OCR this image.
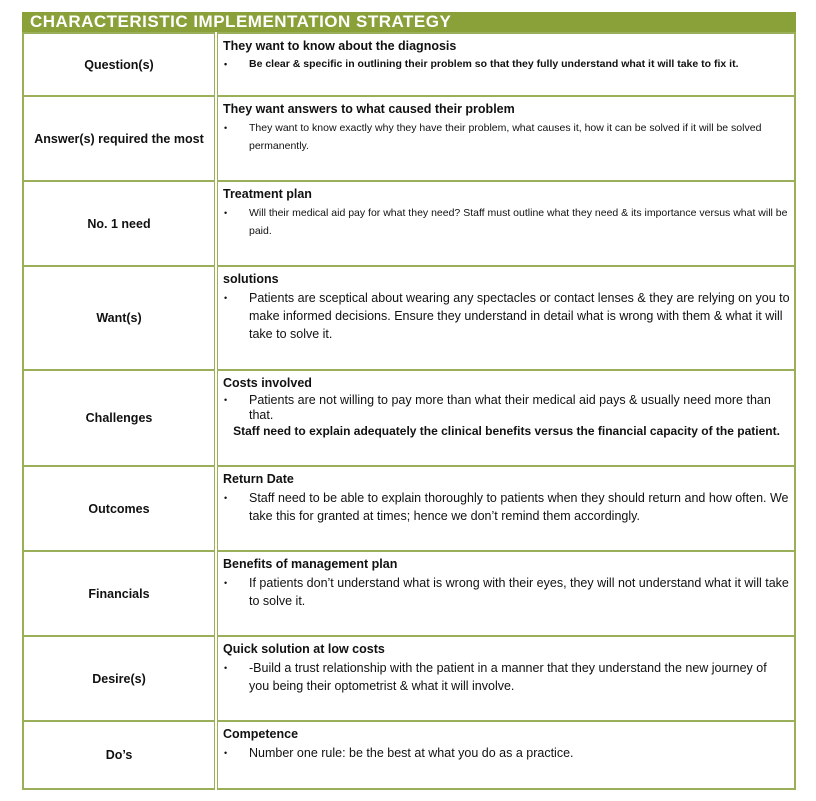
CHARACTERISTIC IMPLEMENTATION STRATEGY
Question(s)	They want to know about the diagnosis
• Be clear & specific in outlining their problem so that they fully understand what it will take to fix it.

Answer(s) required the most	They want answers to what caused their problem
• They want to know exactly why they have their problem, what causes it, how it can be solved if it will be solved permanently.

No. 1 need	Treatment plan
• Will their medical aid pay for what they need? Staff must outline what they need & its importance versus what will be paid.

Want(s)	solutions
• Patients are sceptical about wearing any spectacles or contact lenses & they are relying on you to make informed decisions. Ensure they understand in detail what is wrong with them & what it will take to solve it.

Challenges	Costs involved
• Patients are not willing to pay more than what their medical aid pays & usually need more than that.
Staff need to explain adequately the clinical benefits versus the financial capacity of the patient.

Outcomes	Return Date
• Staff need to be able to explain thoroughly to patients when they should return and how often. We take this for granted at times; hence we don’t remind them accordingly.

Financials	Benefits of management plan
• If patients don’t understand what is wrong with their eyes, they will not understand what it will take to solve it.

Desire(s)	Quick solution at low costs
• -Build a trust relationship with the patient in a manner that they understand the new journey of you being their optometrist & what it will involve.

Do’s	Competence
• Number one rule: be the best at what you do as a practice.
